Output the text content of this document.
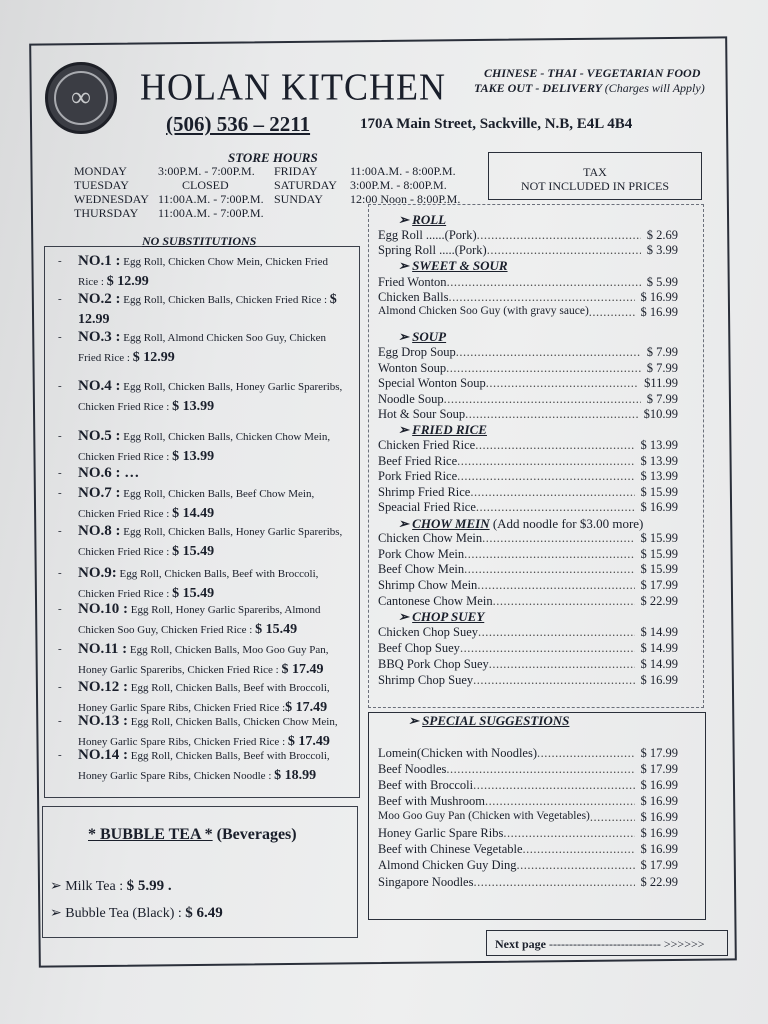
∞	HOLAN KITCHEN	CHINESE - THAI - VEGETARIAN FOOD
TAKE OUT - DELIVERY (Charges will Apply)
(506) 536 – 2211	170A Main Street, Sackville, N.B, E4L 4B4
STORE HOURS
MONDAY	3:00P.M. - 7:00P.M. FRIDAY	11:00A.M. - 8:00P.M.
TUESDAY	CLOSED	SATURDAY 3:00P.M. - 8:00P.M.
WEDNESDAY 11:00A.M. - 7:00P.M. SUNDAY 12:00 Noon - 8:00P.M.
THURSDAY 11:00A.M. - 7:00P.M.
TAX
NOT INCLUDED IN PRICES
NO SUBSTITUTIONS
- NO.1 : Egg Roll, Chicken Chow Mein, Chicken Fried Rice : $ 12.99
- NO.2 : Egg Roll, Chicken Balls, Chicken Fried Rice : $ 12.99
- NO.3 : Egg Roll, Almond Chicken Soo Guy, Chicken Fried Rice : $ 12.99
- NO.4 : Egg Roll, Chicken Balls, Honey Garlic Spareribs, Chicken Fried Rice : $ 13.99
- NO.5 : Egg Roll, Chicken Balls, Chicken Chow Mein, Chicken Fried Rice : $ 13.99
- NO.6 : …
- NO.7 : Egg Roll, Chicken Balls, Beef Chow Mein, Chicken Fried Rice : $ 14.49
- NO.8 : Egg Roll, Chicken Balls, Honey Garlic Spareribs, Chicken Fried Rice : $ 15.49
- NO.9: Egg Roll, Chicken Balls, Beef with Broccoli, Chicken Fried Rice : $ 15.49
- NO.10 : Egg Roll, Honey Garlic Spareribs, Almond Chicken Soo Guy, Chicken Fried Rice : $ 15.49
- NO.11 : Egg Roll, Chicken Balls, Moo Goo Guy Pan, Honey Garlic Spareribs, Chicken Fried Rice : $ 17.49
- NO.12 : Egg Roll, Chicken Balls, Beef with Broccoli, Honey Garlic Spare Ribs, Chicken Fried Rice :$ 17.49
- NO.13 : Egg Roll, Chicken Balls, Chicken Chow Mein, Honey Garlic Spare Ribs, Chicken Fried Rice : $ 17.49
- NO.14 : Egg Roll, Chicken Balls, Beef with Broccoli, Honey Garlic Spare Ribs, Chicken Noodle : $ 18.99
* BUBBLE TEA * (Beverages)
➢ Milk Tea : $ 5.99 .
➢ Bubble Tea (Black) : $ 6.49
➢ ROLL
Egg Roll ......(Pork) .....	$ 2.69
Spring Roll .....(Pork) .....	$ 3.99
➢ SWEET & SOUR
Fried Wonton .....	$ 5.99
Chicken Balls .....	$ 16.99
Almond Chicken Soo Guy (with gravy sauce) .....	$ 16.99
➢ SOUP
Egg Drop Soup .....	$ 7.99
Wonton Soup .....	$ 7.99
Special Wonton Soup .....	$11.99
Noodle Soup .....	$ 7.99
Hot & Sour Soup .....	$10.99
➢ FRIED RICE
Chicken Fried Rice .....	$ 13.99
Beef Fried Rice .....	$ 13.99
Pork Fried Rice .....	$ 13.99
Shrimp Fried Rice .....	$ 15.99
Speacial Fried Rice .....	$ 16.99
➢ CHOW MEIN (Add noodle for $3.00 more)
Chicken Chow Mein .....	$ 15.99
Pork Chow Mein .....	$ 15.99
Beef Chow Mein .....	$ 15.99
Shrimp Chow Mein .....	$ 17.99
Cantonese Chow Mein .....	$ 22.99
➢ CHOP SUEY
Chicken Chop Suey .....	$ 14.99
Beef Chop Suey .....	$ 14.99
BBQ Pork Chop Suey .....	$ 14.99
Shrimp Chop Suey .....	$ 16.99
➢ SPECIAL SUGGESTIONS
Lomein(Chicken with Noodles) .....	$ 17.99
Beef Noodles .....	$ 17.99
Beef with Broccoli .....	$ 16.99
Beef with Mushroom .....	$ 16.99
Moo Goo Guy Pan (Chicken with Vegetables) .....	$ 16.99
Honey Garlic Spare Ribs .....	$ 16.99
Beef with Chinese Vegetable .....	$ 16.99
Almond Chicken Guy Ding .....	$ 17.99
Singapore Noodles .....	$ 22.99
Next page ---------------------------- >>>>>>
